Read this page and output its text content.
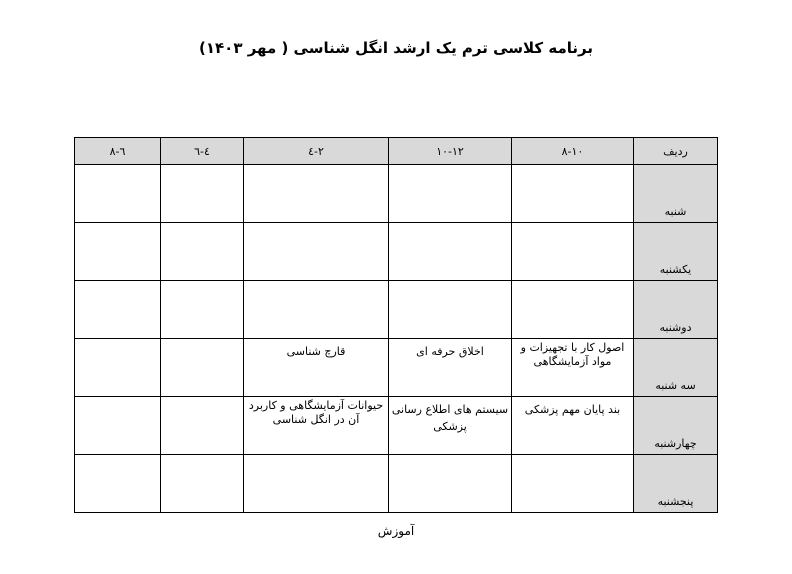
برنامه کلاسی ترم یک ارشد انگل شناسی ( مهر ۱۴۰۳)
ردیف	۸-۱۰	۱۰-۱۲	۲-٤	٤-٦	٦-٨
شنبه					
یکشنبه					
دوشنبه					
سه شنبه	اصول کار با تجهیزات و مواد آزمایشگاهی	اخلاق حرفه ای	قارچ شناسی		
چهارشنبه	بند پایان مهم پزشکی	سیستم های اطلاع رسانی پزشکی	حیوانات آزمایشگاهی و کاربرد آن در انگل شناسی		
پنجشنبه					
آموزش
